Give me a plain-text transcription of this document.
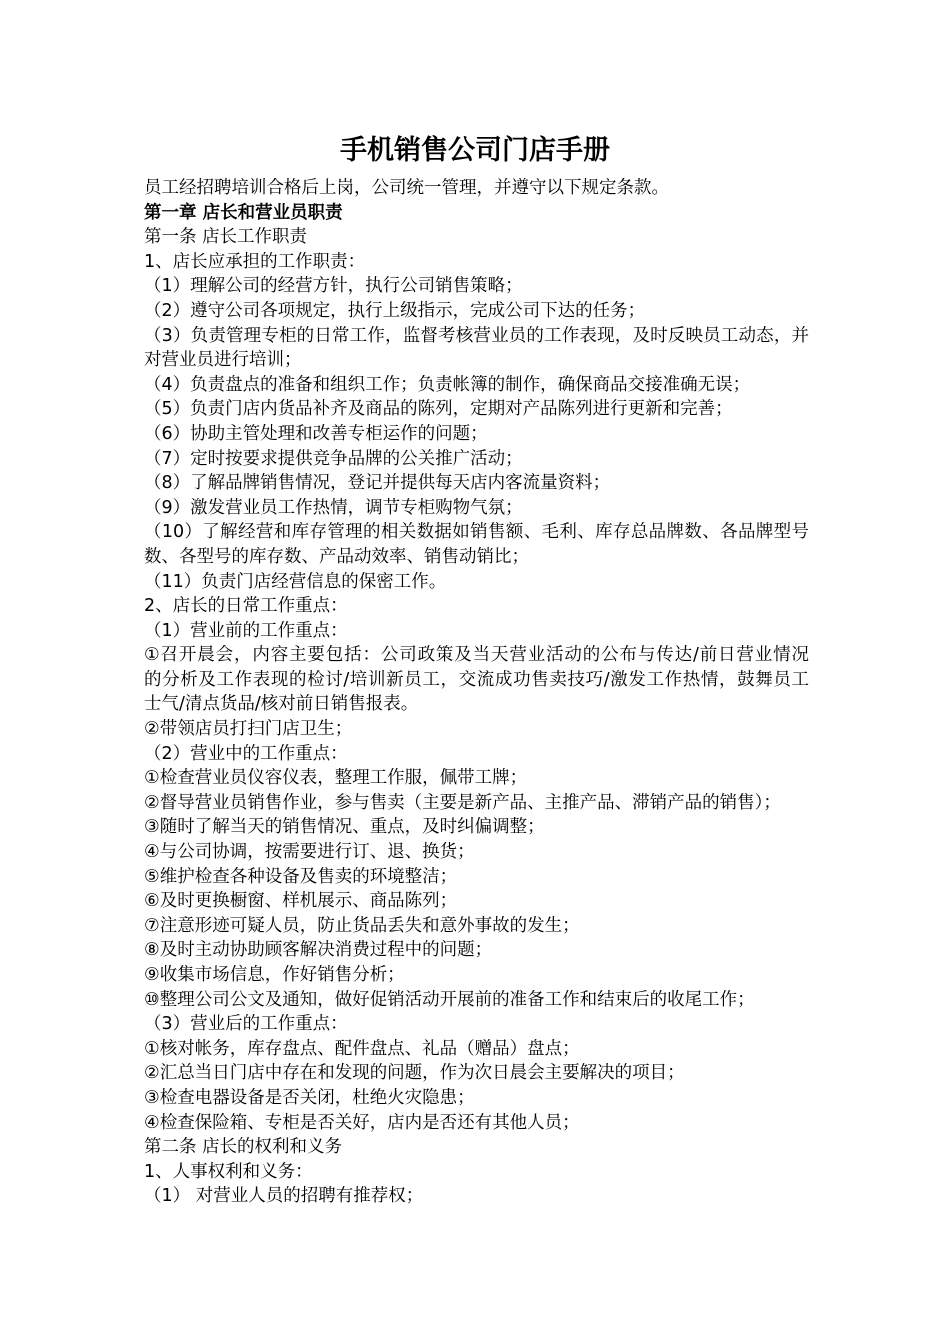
手机销售公司门店手册
员工经招聘培训合格后上岗，公司统一管理，并遵守以下规定条款。
第一章 店长和营业员职责
第一条 店长工作职责
1、店长应承担的工作职责：
（1）理解公司的经营方针，执行公司销售策略；
（2）遵守公司各项规定，执行上级指示，完成公司下达的任务；
（3）负责管理专柜的日常工作，监督考核营业员的工作表现，及时反映员工动态，并
对营业员进行培训；
（4）负责盘点的准备和组织工作；负责帐簿的制作，确保商品交接准确无误；
（5）负责门店内货品补齐及商品的陈列，定期对产品陈列进行更新和完善；
（6）协助主管处理和改善专柜运作的问题；
（7）定时按要求提供竞争品牌的公关推广活动；
（8）了解品牌销售情况，登记并提供每天店内客流量资料；
（9）激发营业员工作热情，调节专柜购物气氛；
（10）了解经营和库存管理的相关数据如销售额、毛利、库存总品牌数、各品牌型号
数、各型号的库存数、产品动效率、销售动销比；
（11）负责门店经营信息的保密工作。
2、店长的日常工作重点：
（1）营业前的工作重点：
①召开晨会，内容主要包括：公司政策及当天营业活动的公布与传达/前日营业情况
的分析及工作表现的检讨/培训新员工，交流成功售卖技巧/激发工作热情，鼓舞员工
士气/清点货品/核对前日销售报表。
②带领店员打扫门店卫生；
（2）营业中的工作重点：
①检查营业员仪容仪表，整理工作服，佩带工牌；
②督导营业员销售作业，参与售卖（主要是新产品、主推产品、滞销产品的销售）；
③随时了解当天的销售情况、重点，及时纠偏调整；
④与公司协调，按需要进行订、退、换货；
⑤维护检查各种设备及售卖的环境整洁；
⑥及时更换橱窗、样机展示、商品陈列；
⑦注意形迹可疑人员，防止货品丢失和意外事故的发生；
⑧及时主动协助顾客解决消费过程中的问题；
⑨收集市场信息，作好销售分析；
⑩整理公司公文及通知，做好促销活动开展前的准备工作和结束后的收尾工作；
（3）营业后的工作重点：
①核对帐务，库存盘点、配件盘点、礼品（赠品）盘点；
②汇总当日门店中存在和发现的问题，作为次日晨会主要解决的项目；
③检查电器设备是否关闭，杜绝火灾隐患；
④检查保险箱、专柜是否关好，店内是否还有其他人员；
第二条 店长的权利和义务
1、人事权利和义务：
（1） 对营业人员的招聘有推荐权；
